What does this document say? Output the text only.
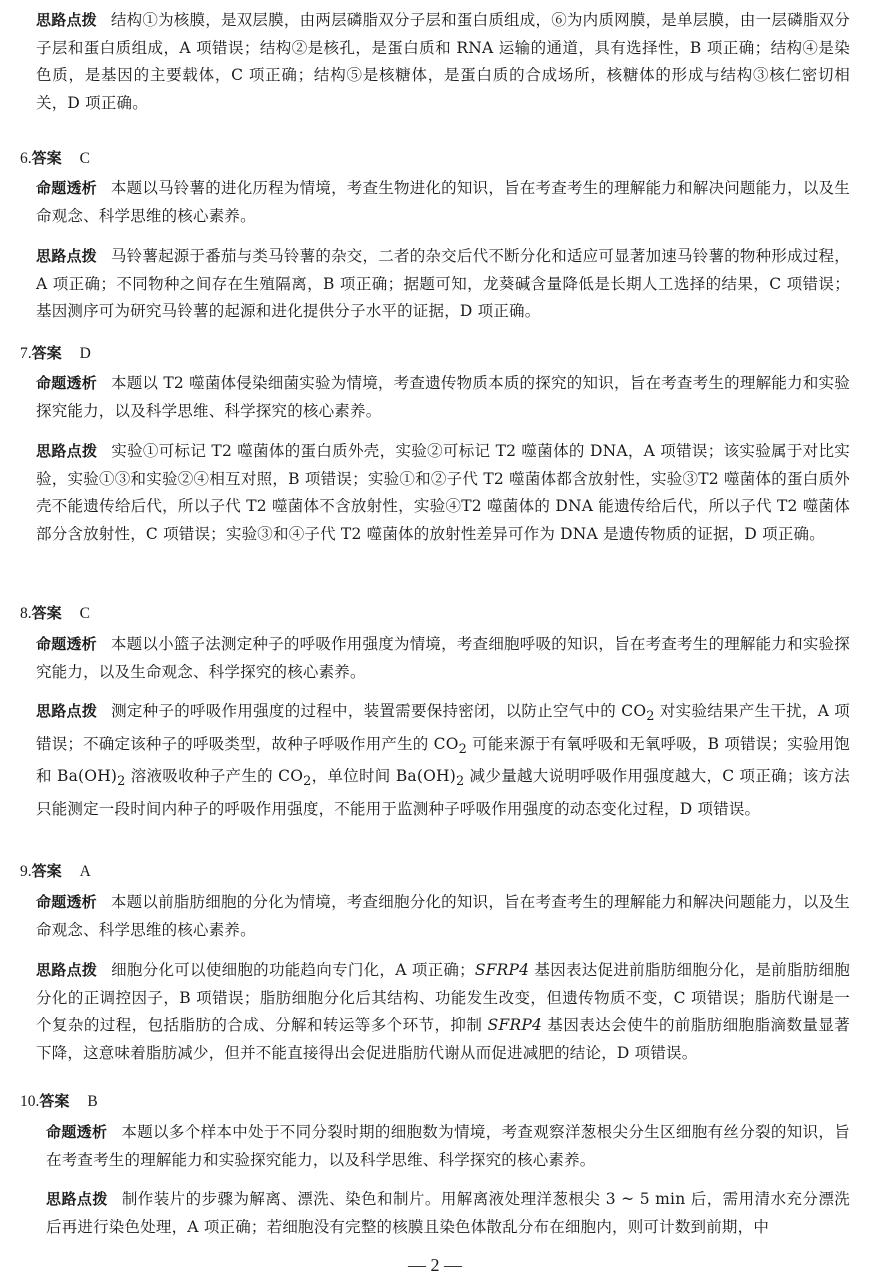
思路点拨 结构①为核膜，是双层膜，由两层磷脂双分子层和蛋白质组成，⑥为内质网膜，是单层膜，由一层磷脂双分子层和蛋白质组成，A 项错误；结构②是核孔，是蛋白质和 RNA 运输的通道，具有选择性，B 项正确；结构④是染色质，是基因的主要载体，C 项正确；结构⑤是核糖体，是蛋白质的合成场所，核糖体的形成与结构③核仁密切相关，D 项正确。
6.答案 C
命题透析 本题以马铃薯的进化历程为情境，考查生物进化的知识，旨在考查考生的理解能力和解决问题能力，以及生命观念、科学思维的核心素养。
思路点拨 马铃薯起源于番茄与类马铃薯的杂交，二者的杂交后代不断分化和适应可显著加速马铃薯的物种形成过程，A 项正确；不同物种之间存在生殖隔离，B 项正确；据题可知，龙葵碱含量降低是长期人工选择的结果，C 项错误；基因测序可为研究马铃薯的起源和进化提供分子水平的证据，D 项正确。
7.答案 D
命题透析 本题以 T2 噬菌体侵染细菌实验为情境，考查遗传物质本质的探究的知识，旨在考查考生的理解能力和实验探究能力，以及科学思维、科学探究的核心素养。
思路点拨 实验①可标记 T2 噬菌体的蛋白质外壳，实验②可标记 T2 噬菌体的 DNA，A 项错误；该实验属于对比实验，实验①③和实验②④相互对照，B 项错误；实验①和②子代 T2 噬菌体都含放射性，实验③T2 噬菌体的蛋白质外壳不能遗传给后代，所以子代 T2 噬菌体不含放射性，实验④T2 噬菌体的 DNA 能遗传给后代，所以子代 T2 噬菌体部分含放射性，C 项错误；实验③和④子代 T2 噬菌体的放射性差异可作为 DNA 是遗传物质的证据，D 项正确。
8.答案 C
命题透析 本题以小篮子法测定种子的呼吸作用强度为情境，考查细胞呼吸的知识，旨在考查考生的理解能力和实验探究能力，以及生命观念、科学探究的核心素养。
思路点拨 测定种子的呼吸作用强度的过程中，装置需要保持密闭，以防止空气中的 $CO_2$ 对实验结果产生干扰，A 项错误；不确定该种子的呼吸类型，故种子呼吸作用产生的 $CO_2$ 可能来源于有氧呼吸和无氧呼吸，B 项错误；实验用饱和 $Ba(OH)_2$ 溶液吸收种子产生的 $CO_2$，单位时间 $Ba(OH)_2$ 减少量越大说明呼吸作用强度越大，C 项正确；该方法只能测定一段时间内种子的呼吸作用强度，不能用于监测种子呼吸作用强度的动态变化过程，D 项错误。
9.答案 A
命题透析 本题以前脂肪细胞的分化为情境，考查细胞分化的知识，旨在考查考生的理解能力和解决问题能力，以及生命观念、科学思维的核心素养。
思路点拨 细胞分化可以使细胞的功能趋向专门化，A 项正确；SFRP4 基因表达促进前脂肪细胞分化，是前脂肪细胞分化的正调控因子，B 项错误；脂肪细胞分化后其结构、功能发生改变，但遗传物质不变，C 项错误；脂肪代谢是一个复杂的过程，包括脂肪的合成、分解和转运等多个环节，抑制 SFRP4 基因表达会使牛的前脂肪细胞脂滴数量显著下降，这意味着脂肪减少，但并不能直接得出会促进脂肪代谢从而促进减肥的结论，D 项错误。
10.答案 B
命题透析 本题以多个样本中处于不同分裂时期的细胞数为情境，考查观察洋葱根尖分生区细胞有丝分裂的知识，旨在考查考生的理解能力和实验探究能力，以及科学思维、科学探究的核心素养。
思路点拨 制作装片的步骤为解离、漂洗、染色和制片。用解离液处理洋葱根尖 3 ~ 5 min 后，需用清水充分漂洗后再进行染色处理，A 项正确；若细胞没有完整的核膜且染色体散乱分布在细胞内，则可计数到前期，中
— 2 —
